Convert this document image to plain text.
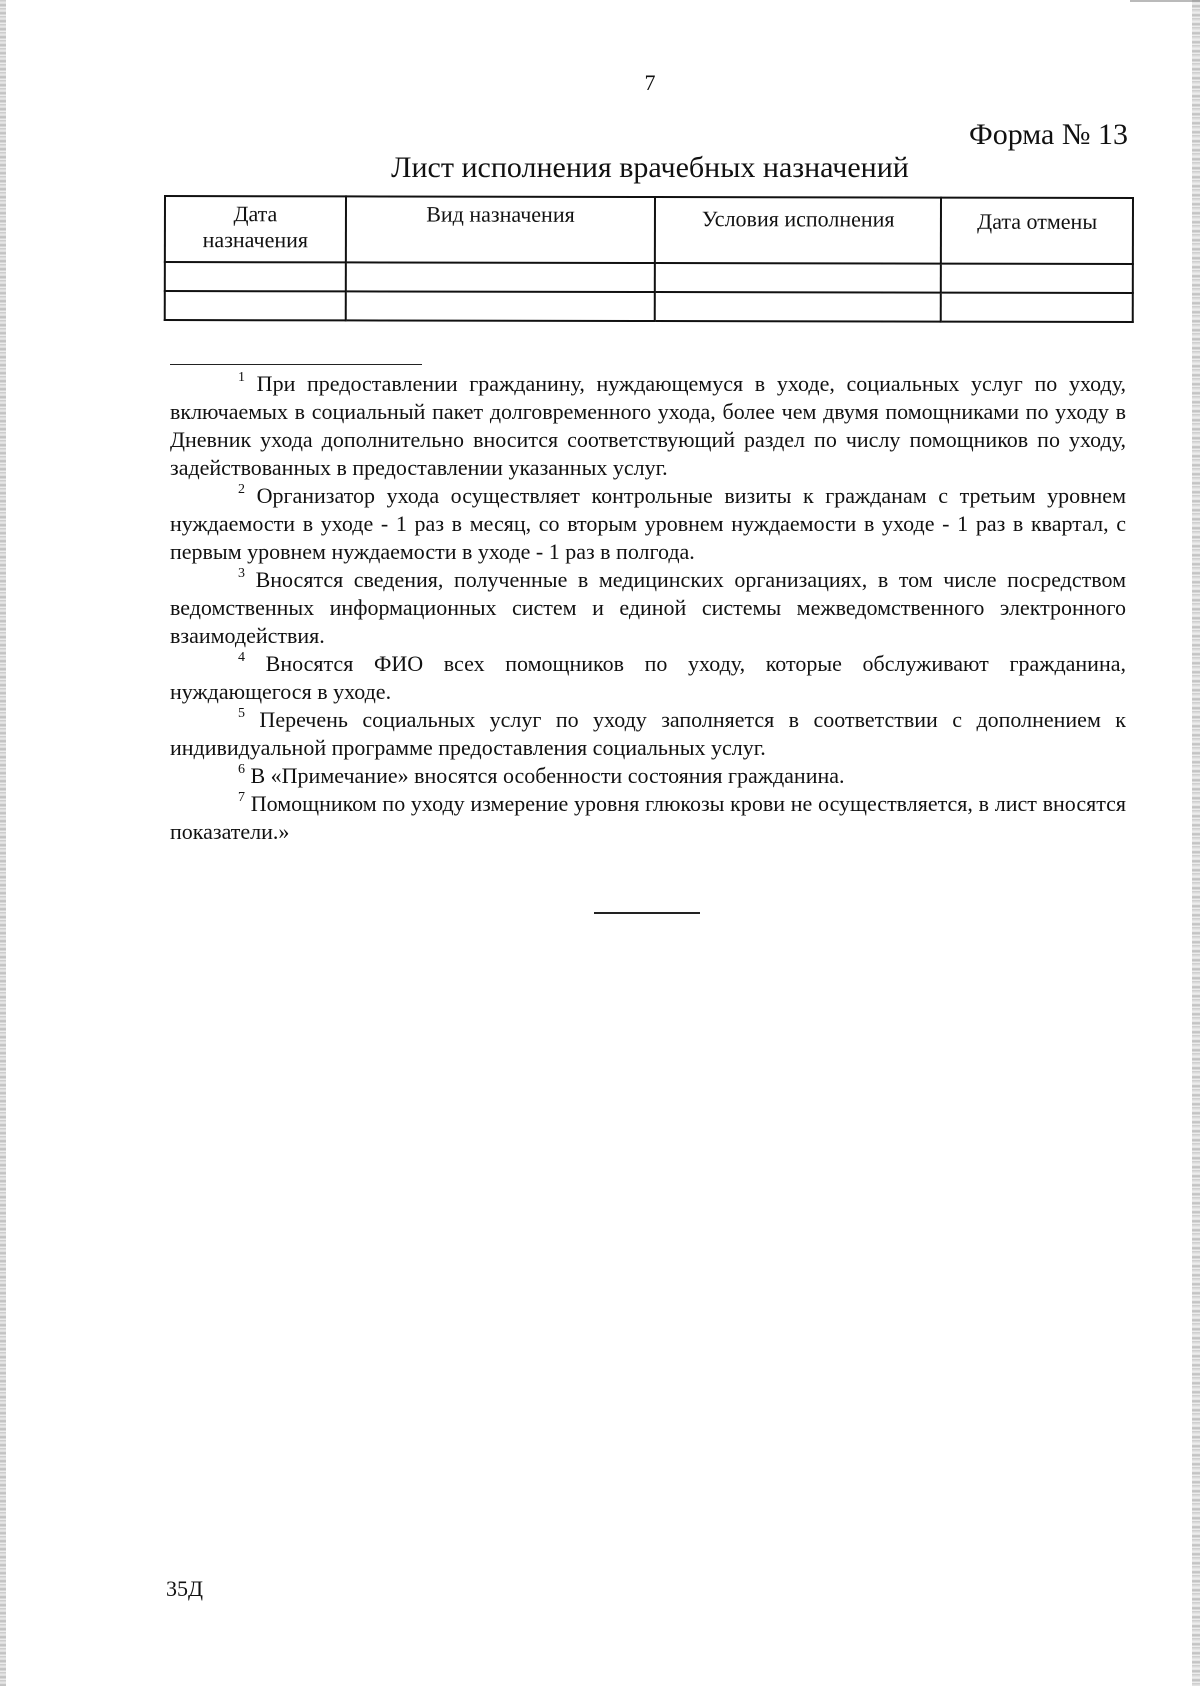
7
Форма № 13
Лист исполнения врачебных назначений
Дата назначения	Вид назначения	Условия исполнения	Дата отмены

$^1$ При предоставлении гражданину, нуждающемуся в уходе, социальных услуг по уходу, включаемых в социальный пакет долговременного ухода, более чем двумя помощниками по уходу в Дневник ухода дополнительно вносится соответствующий раздел по числу помощников по уходу, задействованных в предоставлении указанных услуг.

$^2$ Организатор ухода осуществляет контрольные визиты к гражданам с третьим уровнем нуждаемости в уходе - 1 раз в месяц, со вторым уровнем нуждаемости в уходе - 1 раз в квартал, с первым уровнем нуждаемости в уходе - 1 раз в полгода.

$^3$ Вносятся сведения, полученные в медицинских организациях, в том числе посредством ведомственных информационных систем и единой системы межведомственного электронного взаимодействия.

$^4$ Вносятся ФИО всех помощников по уходу, которые обслуживают гражданина, нуждающегося в уходе.

$^5$ Перечень социальных услуг по уходу заполняется в соответствии с дополнением к индивидуальной программе предоставления социальных услуг.

$^6$ В «Примечание» вносятся особенности состояния гражданина.

$^7$ Помощником по уходу измерение уровня глюкозы крови не осуществляется, в лист вносятся показатели.»

35Д
